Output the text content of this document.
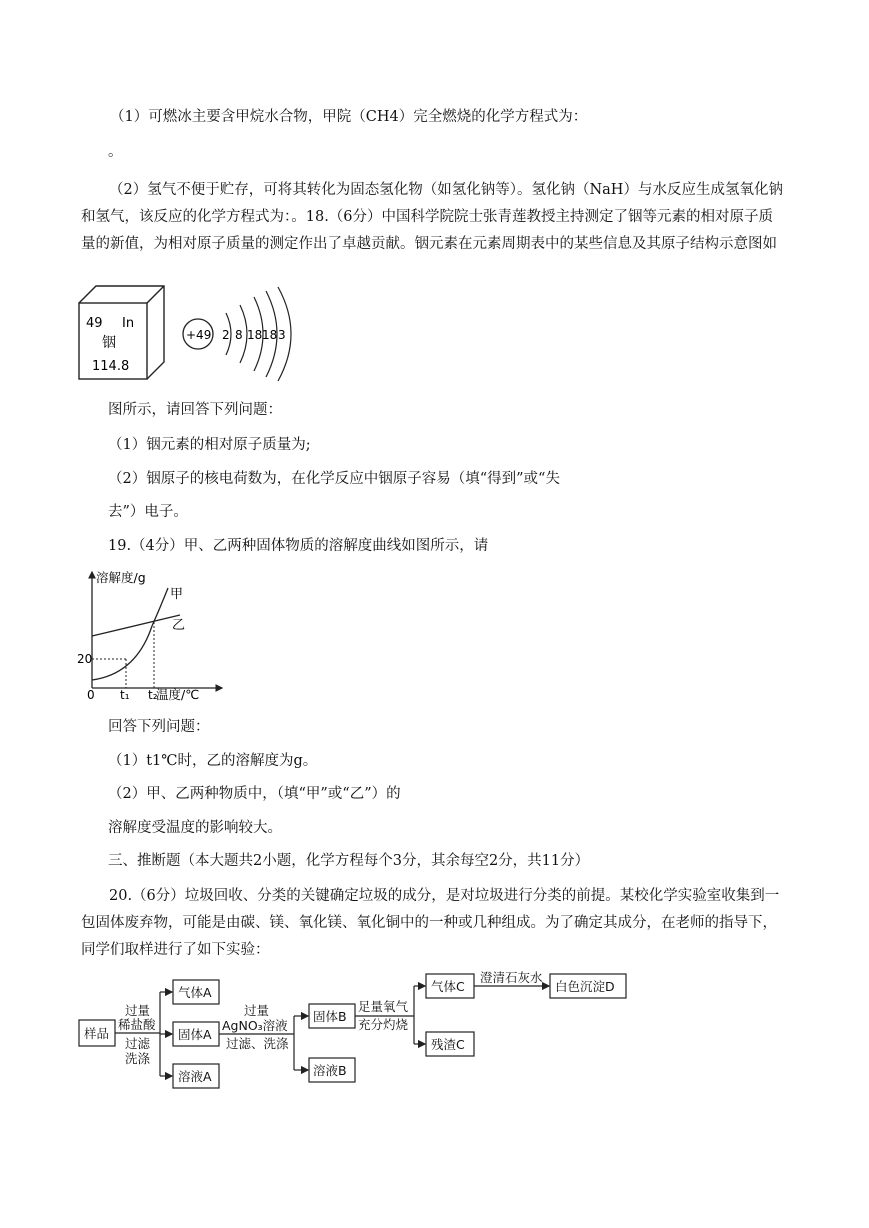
（1）可燃冰主要含甲烷水合物，甲院（CH4）完全燃烧的化学方程式为：
。
（2）氢气不便于贮存，可将其转化为固态氢化物（如氢化钠等）。氢化钠（NaH）与水反应生成氢氧化钠和氢气，该反应的化学方程式为：。18.（6分）中国科学院院士张青莲教授主持测定了铟等元素的相对原子质量的新值，为相对原子质量的测定作出了卓越贡献。铟元素在元素周期表中的某些信息及其原子结构示意图如
49 In
铟
114.8
+49 2 8 18 18 3
图所示，请回答下列问题：
（1）铟元素的相对原子质量为;
（2）铟原子的核电荷数为，在化学反应中铟原子容易（填“得到”或“失
去”）电子。
19.（4分）甲、乙两种固体物质的溶解度曲线如图所示，请
溶解度/g
温度/℃
20
0 t₁ t₂
甲
乙
回答下列问题：
（1）t1℃时，乙的溶解度为g。
（2）甲、乙两种物质中，（填“甲”或“乙”）的
溶解度受温度的影响较大。
三、推断题（本大题共2小题，化学方程每个3分，其余每空2分，共11分）
20.（6分）垃圾回收、分类的关键确定垃圾的成分，是对垃圾进行分类的前提。某校化学实验室收集到一包固体废弃物，可能是由碳、镁、氧化镁、氧化铜中的一种或几种组成。为了确定其成分，在老师的指导下，同学们取样进行了如下实验：
样品
过量
稀盐酸
过滤
洗涤
气体A
固体A
溶液A
过量
AgNO₃溶液
过滤、洗涤
固体B
溶液B
足量氧气
充分灼烧
气体C
残渣C
澄清石灰水
白色沉淀D
